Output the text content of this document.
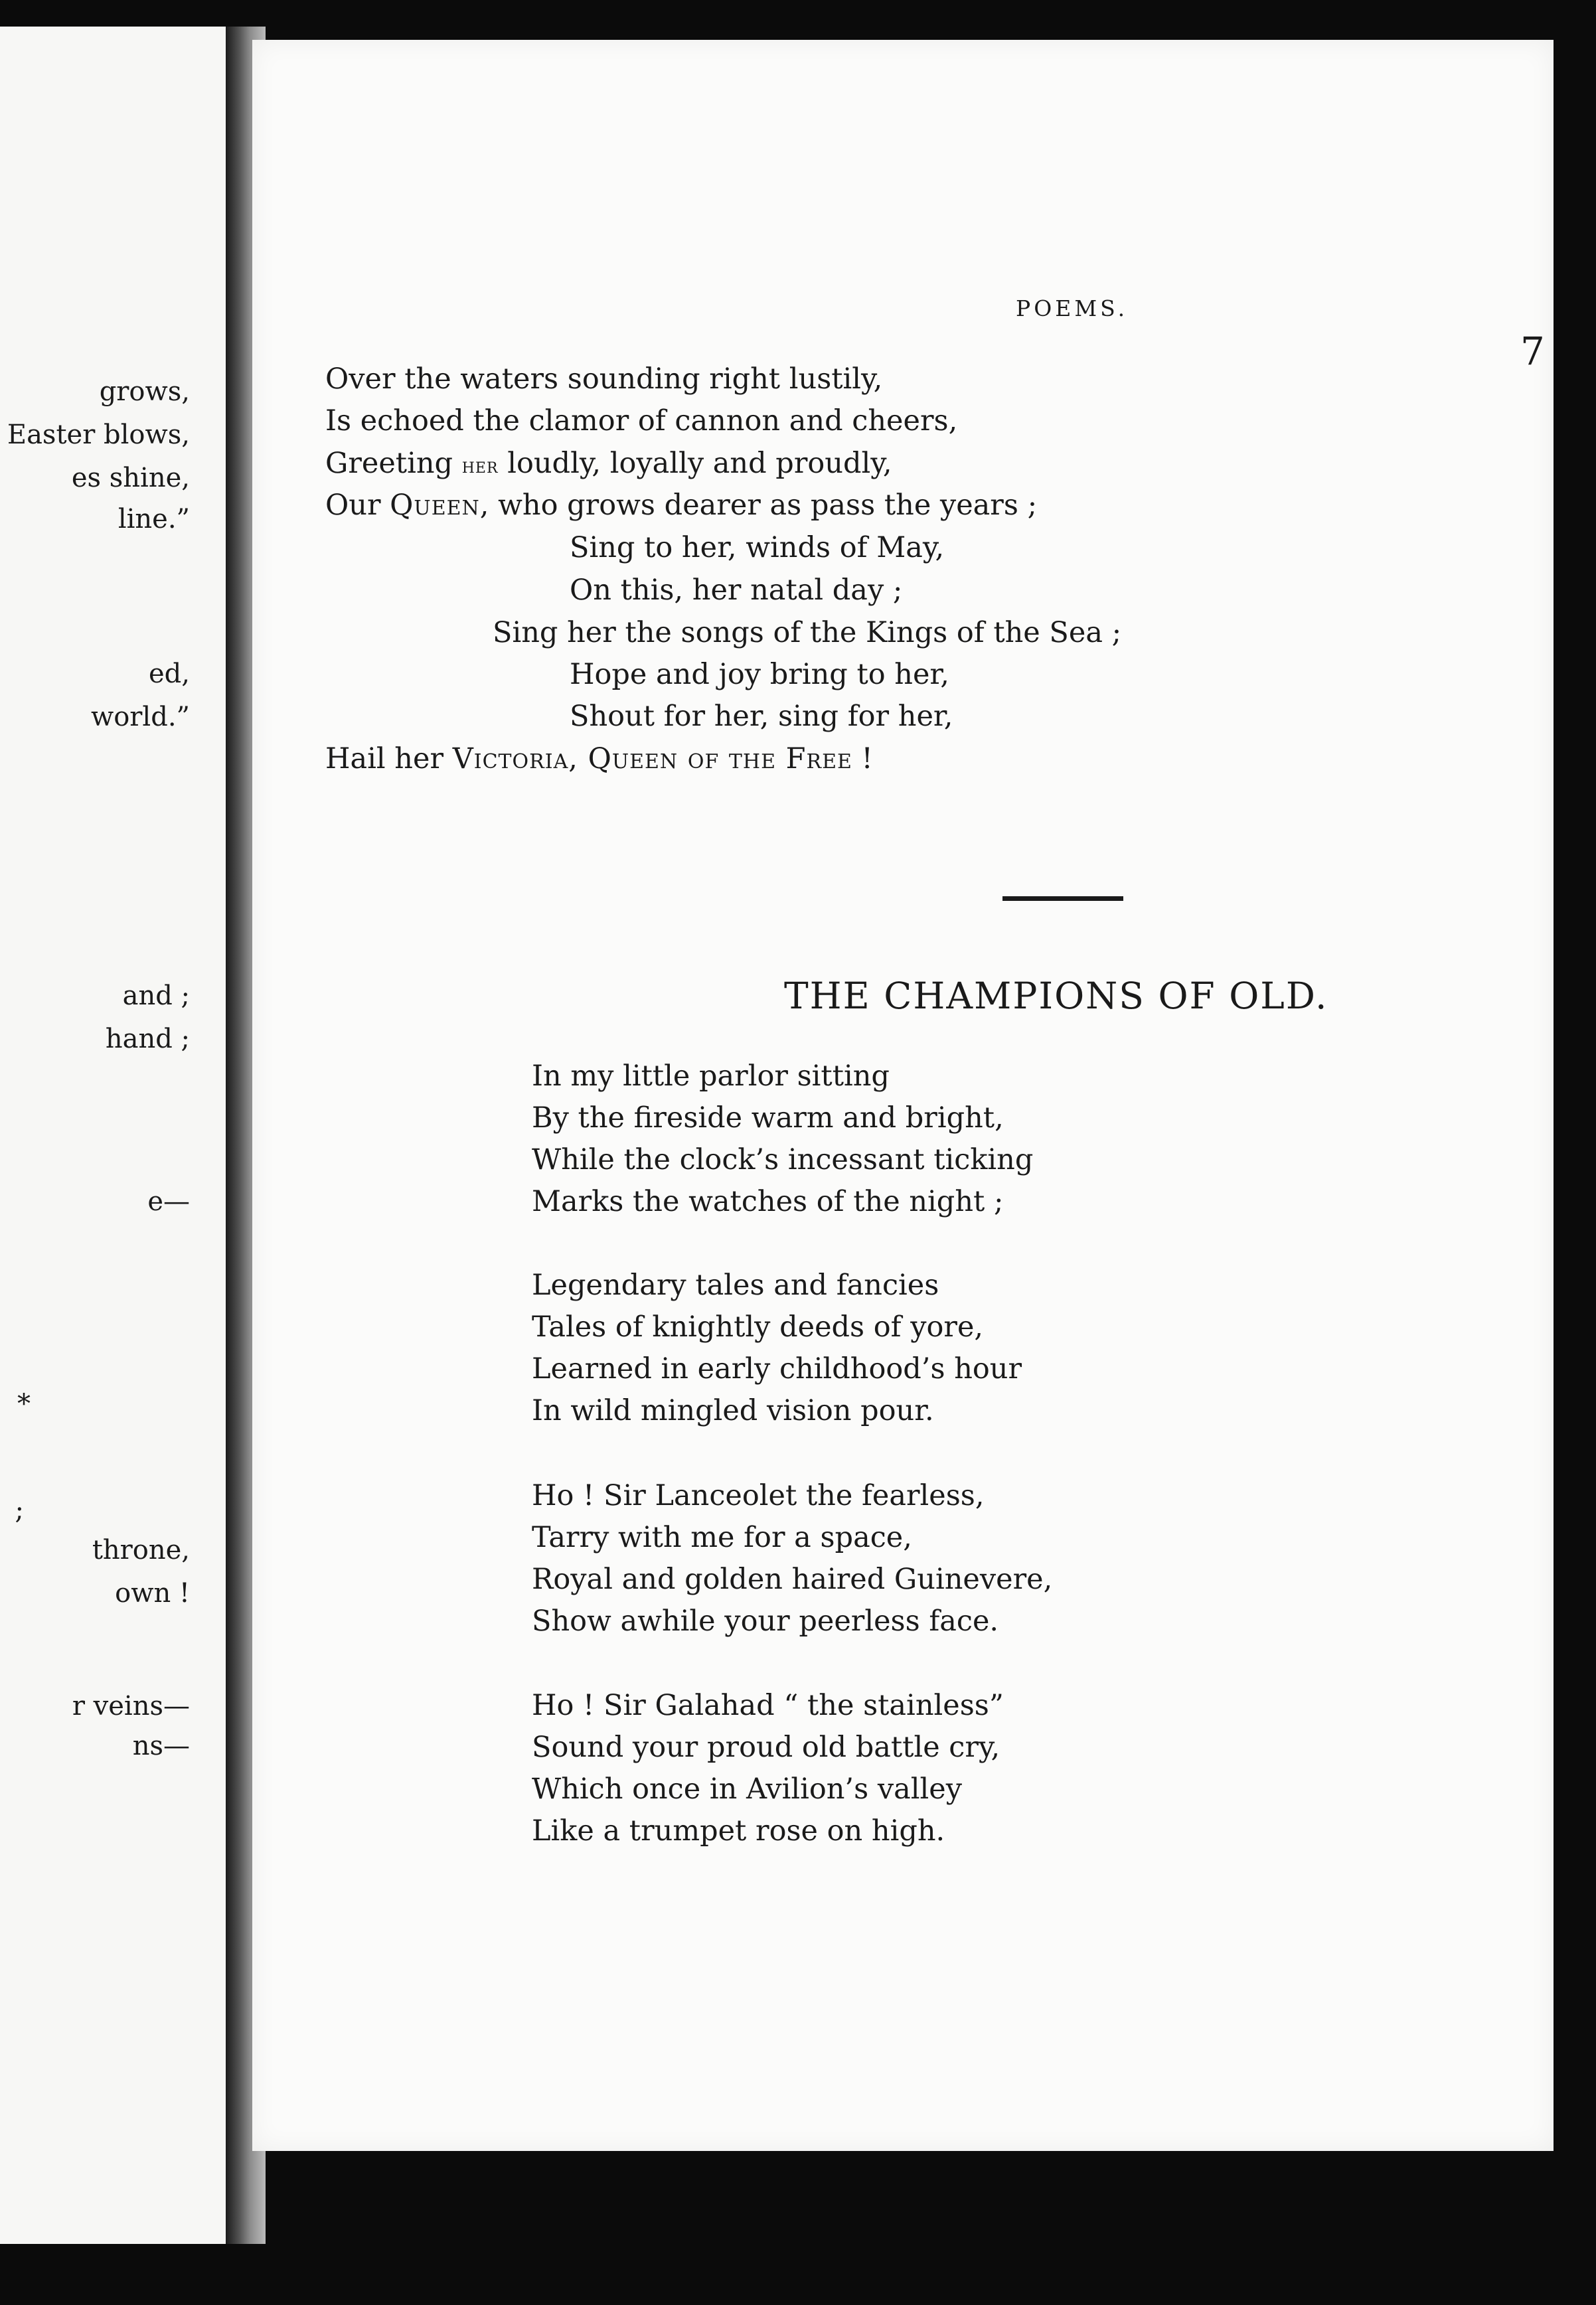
grows,
Easter blows,
es shine,
line.”
ed,
world.”
and ;
hand ;
e—
*
;
throne,
own !
r veins—
ns—
POEMS.
7
Over the waters sounding right lustily,
Is echoed the clamor of cannon and cheers,
Greeting her loudly, loyally and proudly,
Our Queen, who grows dearer as pass the years ;
Sing to her, winds of May,
On this, her natal day ;
Sing her the songs of the Kings of the Sea ;
Hope and joy bring to her,
Shout for her, sing for her,
Hail her Victoria, Queen of the Free !
THE CHAMPIONS OF OLD.
In my little parlor sitting
By the fireside warm and bright,
While the clock’s incessant ticking
Marks the watches of the night ;
Legendary tales and fancies
Tales of knightly deeds of yore,
Learned in early childhood’s hour
In wild mingled vision pour.
Ho ! Sir Lanceolet the fearless,
Tarry with me for a space,
Royal and golden haired Guinevere,
Show awhile your peerless face.
Ho ! Sir Galahad “ the stainless”
Sound your proud old battle cry,
Which once in Avilion’s valley
Like a trumpet rose on high.
